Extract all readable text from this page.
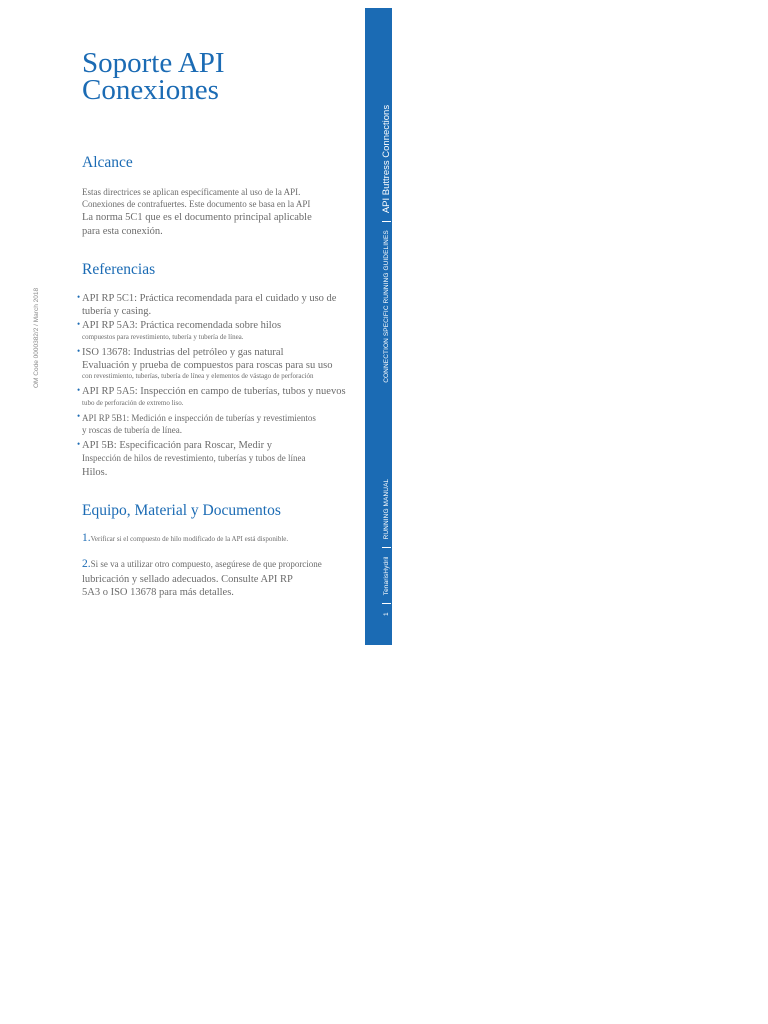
Soporte API
Conexiones
Alcance
Estas directrices se aplican específicamente al uso de la API.
Conexiones de contrafuertes. Este documento se basa en la API
La norma 5C1 que es el documento principal aplicable
para esta conexión.
Referencias
• API RP 5C1: Práctica recomendada para el cuidado y uso de
tubería y casing.
• API RP 5A3: Práctica recomendada sobre hilos
compuestos para revestimiento, tubería y tubería de línea.
• ISO 13678: Industrias del petróleo y gas natural
Evaluación y prueba de compuestos para roscas para su uso
con revestimiento, tuberías, tubería de línea y elementos de vástago de perforación
• API RP 5A5: Inspección en campo de tuberías, tubos y nuevos
tubo de perforación de extremo liso.
• API RP 5B1: Medición e inspección de tuberías y revestimientos
y roscas de tubería de línea.
• API 5B: Especificación para Roscar, Medir y
Inspección de hilos de revestimiento, tuberías y tubos de línea
Hilos.
Equipo, Material y Documentos
1.Verificar si el compuesto de hilo modificado de la API está disponible.
2.Si se va a utilizar otro compuesto, asegúrese de que proporcione
lubricación y sellado adecuados. Consulte API RP
5A3 o ISO 13678 para más detalles.
OM Code 0000382/2 / March 2018
1
TenarisHydril
RUNNING MANUAL
CONNECTION SPECIFIC RUNNING GUIDELINES
API Buttress Connections
